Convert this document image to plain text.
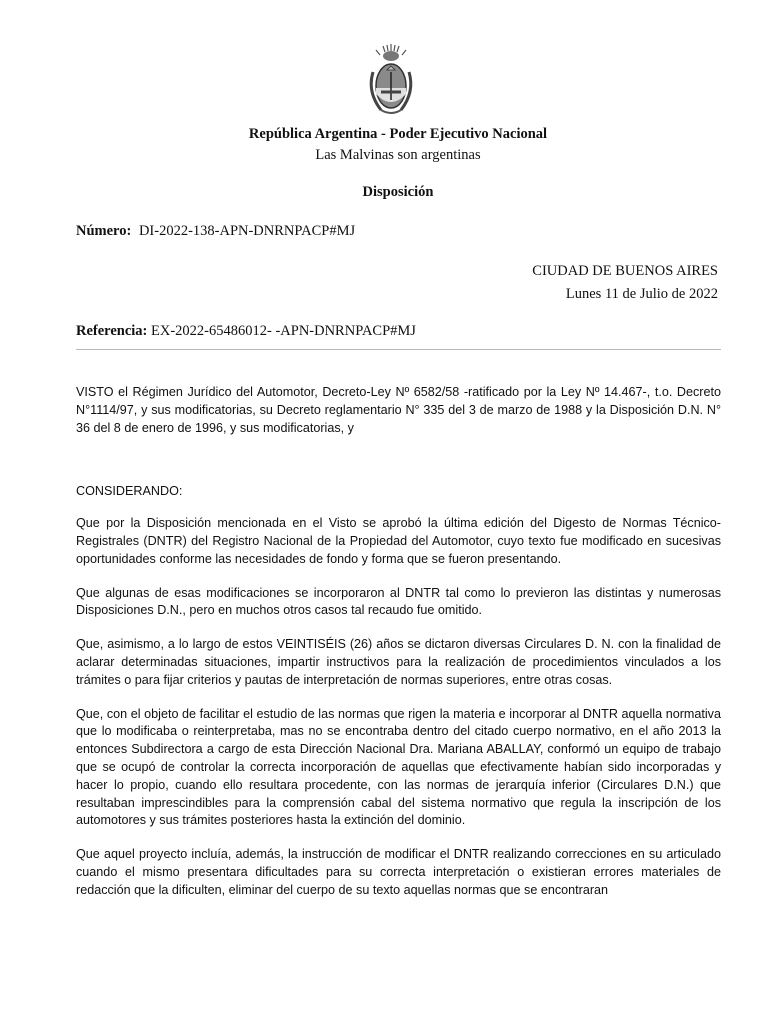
República Argentina - Poder Ejecutivo Nacional
Las Malvinas son argentinas
Disposición
Número: DI-2022-138-APN-DNRNPACP#MJ
CIUDAD DE BUENOS AIRES
Lunes 11 de Julio de 2022
Referencia: EX-2022-65486012- -APN-DNRNPACP#MJ

VISTO el Régimen Jurídico del Automotor, Decreto-Ley Nº 6582/58 -ratificado por la Ley Nº 14.467-, t.o. Decreto N°1114/97, y sus modificatorias, su Decreto reglamentario N° 335 del 3 de marzo de 1988 y la Disposición D.N. N° 36 del 8 de enero de 1996, y sus modificatorias, y

CONSIDERANDO:

Que por la Disposición mencionada en el Visto se aprobó la última edición del Digesto de Normas Técnico-Registrales (DNTR) del Registro Nacional de la Propiedad del Automotor, cuyo texto fue modificado en sucesivas oportunidades conforme las necesidades de fondo y forma que se fueron presentando.

Que algunas de esas modificaciones se incorporaron al DNTR tal como lo previeron las distintas y numerosas Disposiciones D.N., pero en muchos otros casos tal recaudo fue omitido.

Que, asimismo, a lo largo de estos VEINTISÉIS (26) años se dictaron diversas Circulares D. N. con la finalidad de aclarar determinadas situaciones, impartir instructivos para la realización de procedimientos vinculados a los trámites o para fijar criterios y pautas de interpretación de normas superiores, entre otras cosas.

Que, con el objeto de facilitar el estudio de las normas que rigen la materia e incorporar al DNTR aquella normativa que lo modificaba o reinterpretaba, mas no se encontraba dentro del citado cuerpo normativo, en el año 2013 la entonces Subdirectora a cargo de esta Dirección Nacional Dra. Mariana ABALLAY, conformó un equipo de trabajo que se ocupó de controlar la correcta incorporación de aquellas que efectivamente habían sido incorporadas y hacer lo propio, cuando ello resultara procedente, con las normas de jerarquía inferior (Circulares D.N.) que resultaban imprescindibles para la comprensión cabal del sistema normativo que regula la inscripción de los automotores y sus trámites posteriores hasta la extinción del dominio.

Que aquel proyecto incluía, además, la instrucción de modificar el DNTR realizando correcciones en su articulado cuando el mismo presentara dificultades para su correcta interpretación o existieran errores materiales de redacción que la dificulten, eliminar del cuerpo de su texto aquellas normas que se encontraran
